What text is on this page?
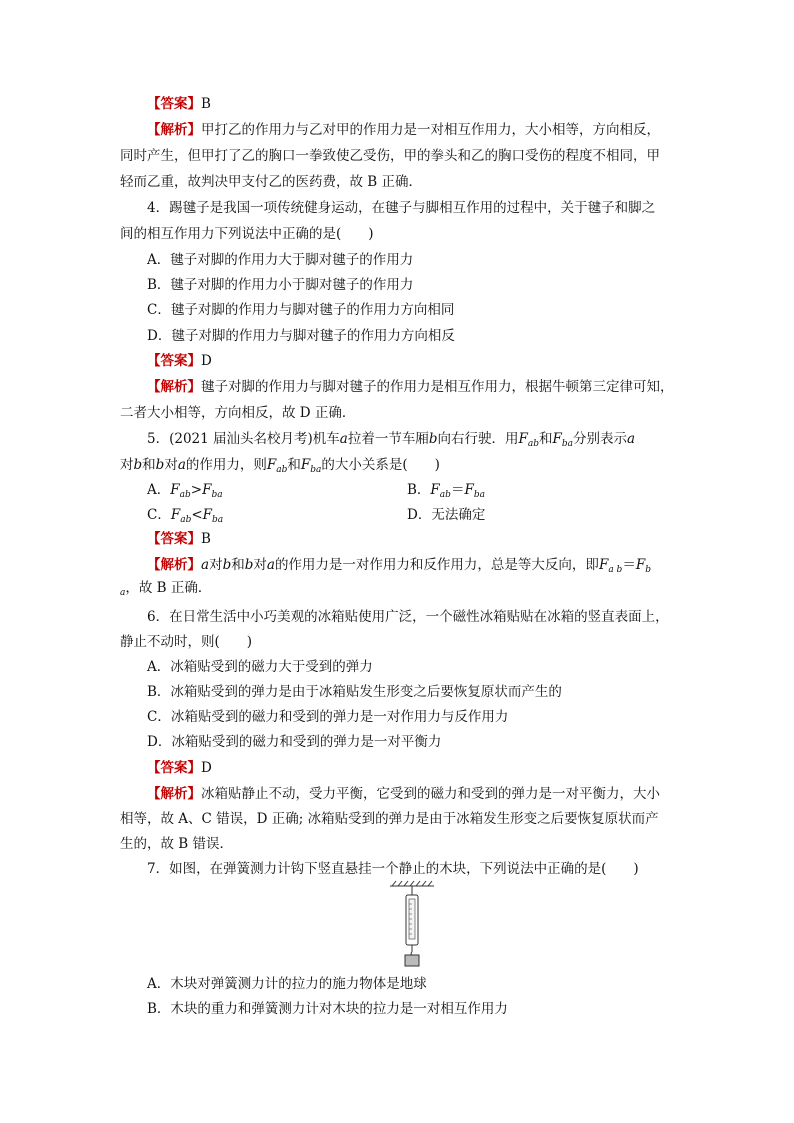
【答案】B
【解析】甲打乙的作用力与乙对甲的作用力是一对相互作用力，大小相等，方向相反，
同时产生，但甲打了乙的胸口一拳致使乙受伤，甲的拳头和乙的胸口受伤的程度不相同，甲
轻而乙重，故判决甲支付乙的医药费，故 B 正确．
4．踢毽子是我国一项传统健身运动，在毽子与脚相互作用的过程中，关于毽子和脚之
间的相互作用力下列说法中正确的是(　　)
A．毽子对脚的作用力大于脚对毽子的作用力
B．毽子对脚的作用力小于脚对毽子的作用力
C．毽子对脚的作用力与脚对毽子的作用力方向相同
D．毽子对脚的作用力与脚对毽子的作用力方向相反
【答案】D
【解析】毽子对脚的作用力与脚对毽子的作用力是相互作用力，根据牛顿第三定律可知，
二者大小相等，方向相反，故 D 正确．
5．(2021 届汕头名校月考)机车a拉着一节车厢b向右行驶．用$F_{ab}$和$F_{ba}$分别表示a
对b和b对a的作用力，则$F_{ab}$和$F_{ba}$的大小关系是(　　)
A．$F_{ab}>F_{ba}$	B．$F_{ab}=F_{ba}$
C．$F_{ab}<F_{ba}$	D．无法确定
【答案】B
【解析】a对b和b对a的作用力是一对作用力和反作用力，总是等大反向，即$F_{a b}=F_b$
$_a$，故 B 正确．
6．在日常生活中小巧美观的冰箱贴使用广泛，一个磁性冰箱贴贴在冰箱的竖直表面上，
静止不动时，则(　　)
A．冰箱贴受到的磁力大于受到的弹力
B．冰箱贴受到的弹力是由于冰箱贴发生形变之后要恢复原状而产生的
C．冰箱贴受到的磁力和受到的弹力是一对作用力与反作用力
D．冰箱贴受到的磁力和受到的弹力是一对平衡力
【答案】D
【解析】冰箱贴静止不动，受力平衡，它受到的磁力和受到的弹力是一对平衡力，大小
相等，故 A、C 错误，D 正确; 冰箱贴受到的弹力是由于冰箱发生形变之后要恢复原状而产
生的，故 B 错误．
7．如图，在弹簧测力计钩下竖直悬挂一个静止的木块，下列说法中正确的是(　　)
A．木块对弹簧测力计的拉力的施力物体是地球
B．木块的重力和弹簧测力计对木块的拉力是一对相互作用力
